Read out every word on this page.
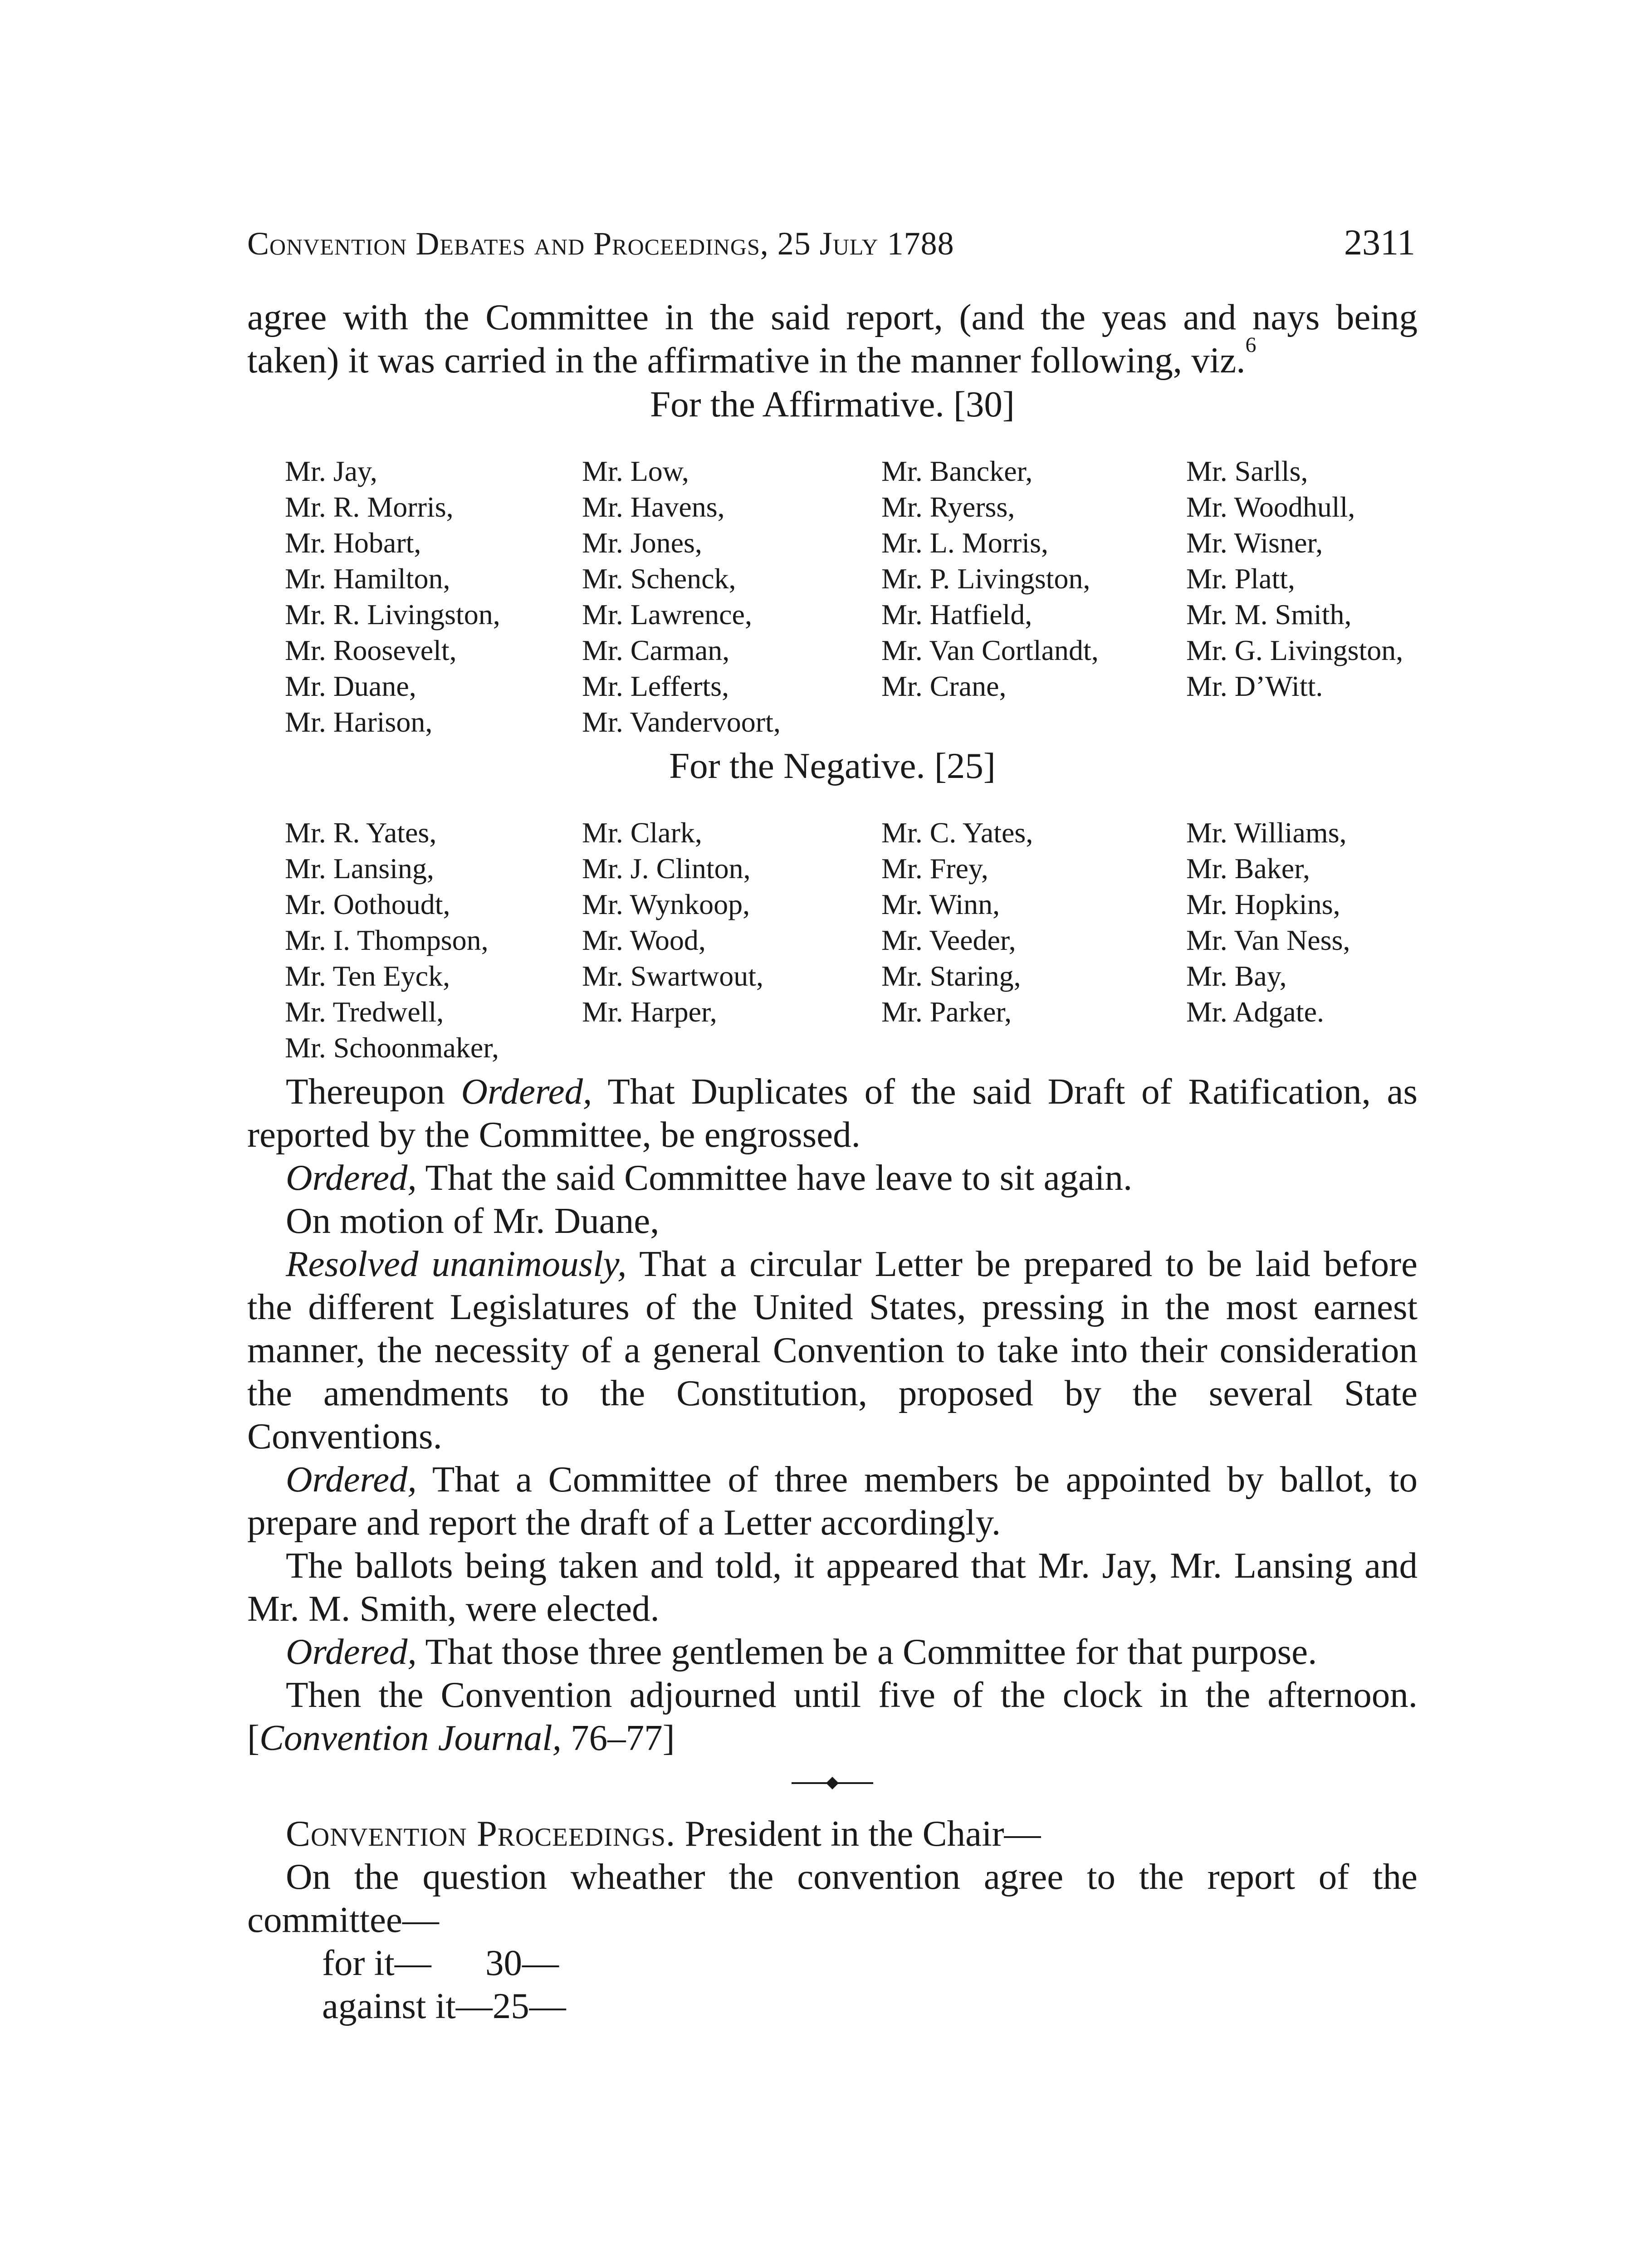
Convention Debates and Proceedings, 25 July 1788	2311

agree with the Committee in the said report, (and the yeas and nays being taken) it was carried in the affirmative in the manner following, viz.$^6$

For the Affirmative. [30]
Mr. Jay,
Mr. R. Morris,
Mr. Hobart,
Mr. Hamilton,
Mr. R. Livingston,
Mr. Roosevelt,
Mr. Duane,
Mr. Harison,
Mr. Low,
Mr. Havens,
Mr. Jones,
Mr. Schenck,
Mr. Lawrence,
Mr. Carman,
Mr. Lefferts,
Mr. Vandervoort,
Mr. Bancker,
Mr. Ryerss,
Mr. L. Morris,
Mr. P. Livingston,
Mr. Hatfield,
Mr. Van Cortlandt,
Mr. Crane,
Mr. Sarlls,
Mr. Woodhull,
Mr. Wisner,
Mr. Platt,
Mr. M. Smith,
Mr. G. Livingston,
Mr. D’Witt.
For the Negative. [25]
Mr. R. Yates,
Mr. Lansing,
Mr. Oothoudt,
Mr. I. Thompson,
Mr. Ten Eyck,
Mr. Tredwell,
Mr. Schoonmaker,
Mr. Clark,
Mr. J. Clinton,
Mr. Wynkoop,
Mr. Wood,
Mr. Swartwout,
Mr. Harper,
Mr. C. Yates,
Mr. Frey,
Mr. Winn,
Mr. Veeder,
Mr. Staring,
Mr. Parker,
Mr. Williams,
Mr. Baker,
Mr. Hopkins,
Mr. Van Ness,
Mr. Bay,
Mr. Adgate.

Thereupon Ordered, That Duplicates of the said Draft of Ratification, as reported by the Committee, be engrossed.

Ordered, That the said Committee have leave to sit again.

On motion of Mr. Duane,

Resolved unanimously, That a circular Letter be prepared to be laid before the different Legislatures of the United States, pressing in the most earnest manner, the necessity of a general Convention to take into their consideration the amendments to the Constitution, proposed by the several State Conventions.

Ordered, That a Committee of three members be appointed by ballot, to prepare and report the draft of a Letter accordingly.

The ballots being taken and told, it appeared that Mr. Jay, Mr. Lansing and Mr. M. Smith, were elected.

Ordered, That those three gentlemen be a Committee for that purpose.

Then the Convention adjourned until five of the clock in the afternoon. [Convention Journal, 76–77]

Convention Proceedings. President in the Chair—

On the question wheather the convention agree to the report of the committee—

for it— 30—
against it—25—
